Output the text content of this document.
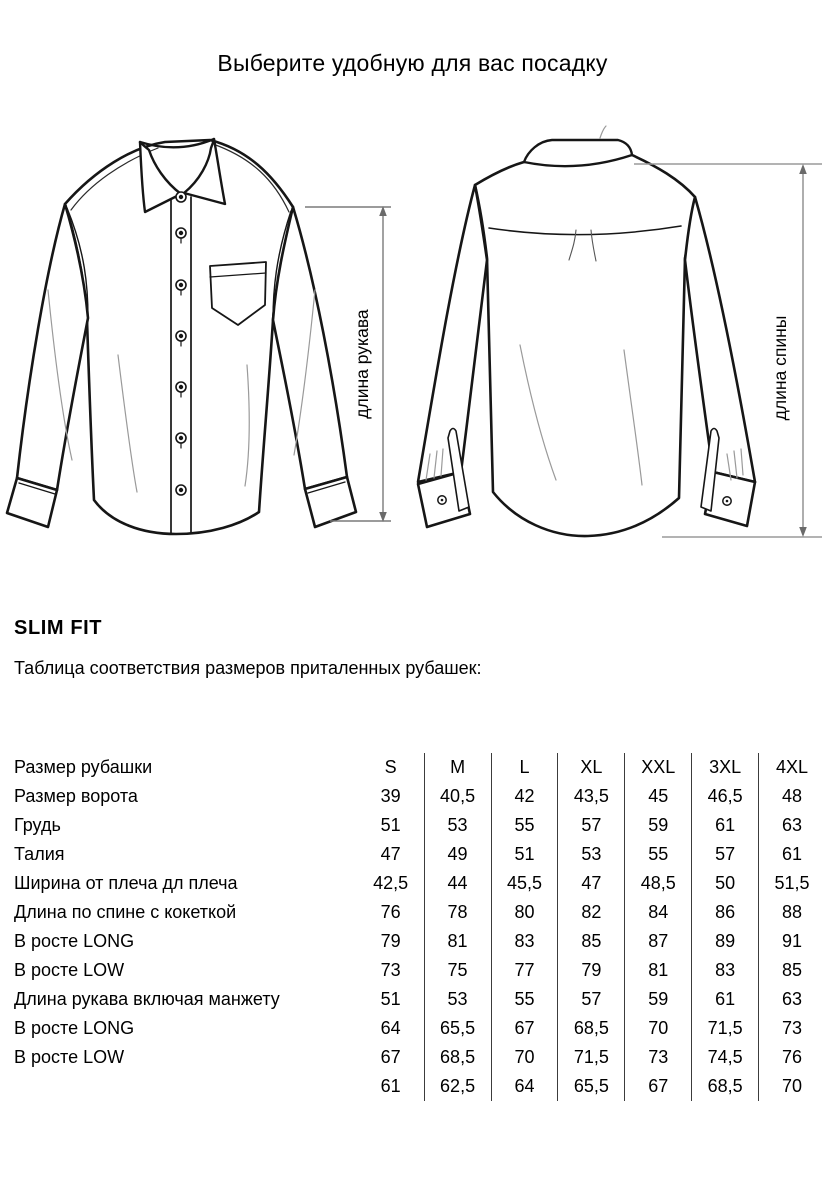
Выберите удобную для вас посадку
длина рукава	длина спины
SLIM FIT
Таблица соответствия размеров приталенных рубашек:
Размер рубашки	S	M	L	XL	XXL	3XL	4XL
Размер ворота	39	40,5	42	43,5	45	46,5	48
Грудь	51	53	55	57	59	61	63
Талия	47	49	51	53	55	57	61
Ширина от плеча дл плеча	42,5	44	45,5	47	48,5	50	51,5
Длина по спине с кокеткой	76	78	80	82	84	86	88
В росте LONG	79	81	83	85	87	89	91
В росте LOW	73	75	77	79	81	83	85
Длина рукава включая манжету	51	53	55	57	59	61	63
В росте LONG	64	65,5	67	68,5	70	71,5	73
В росте LOW	67	68,5	70	71,5	73	74,5	76
	61	62,5	64	65,5	67	68,5	70
